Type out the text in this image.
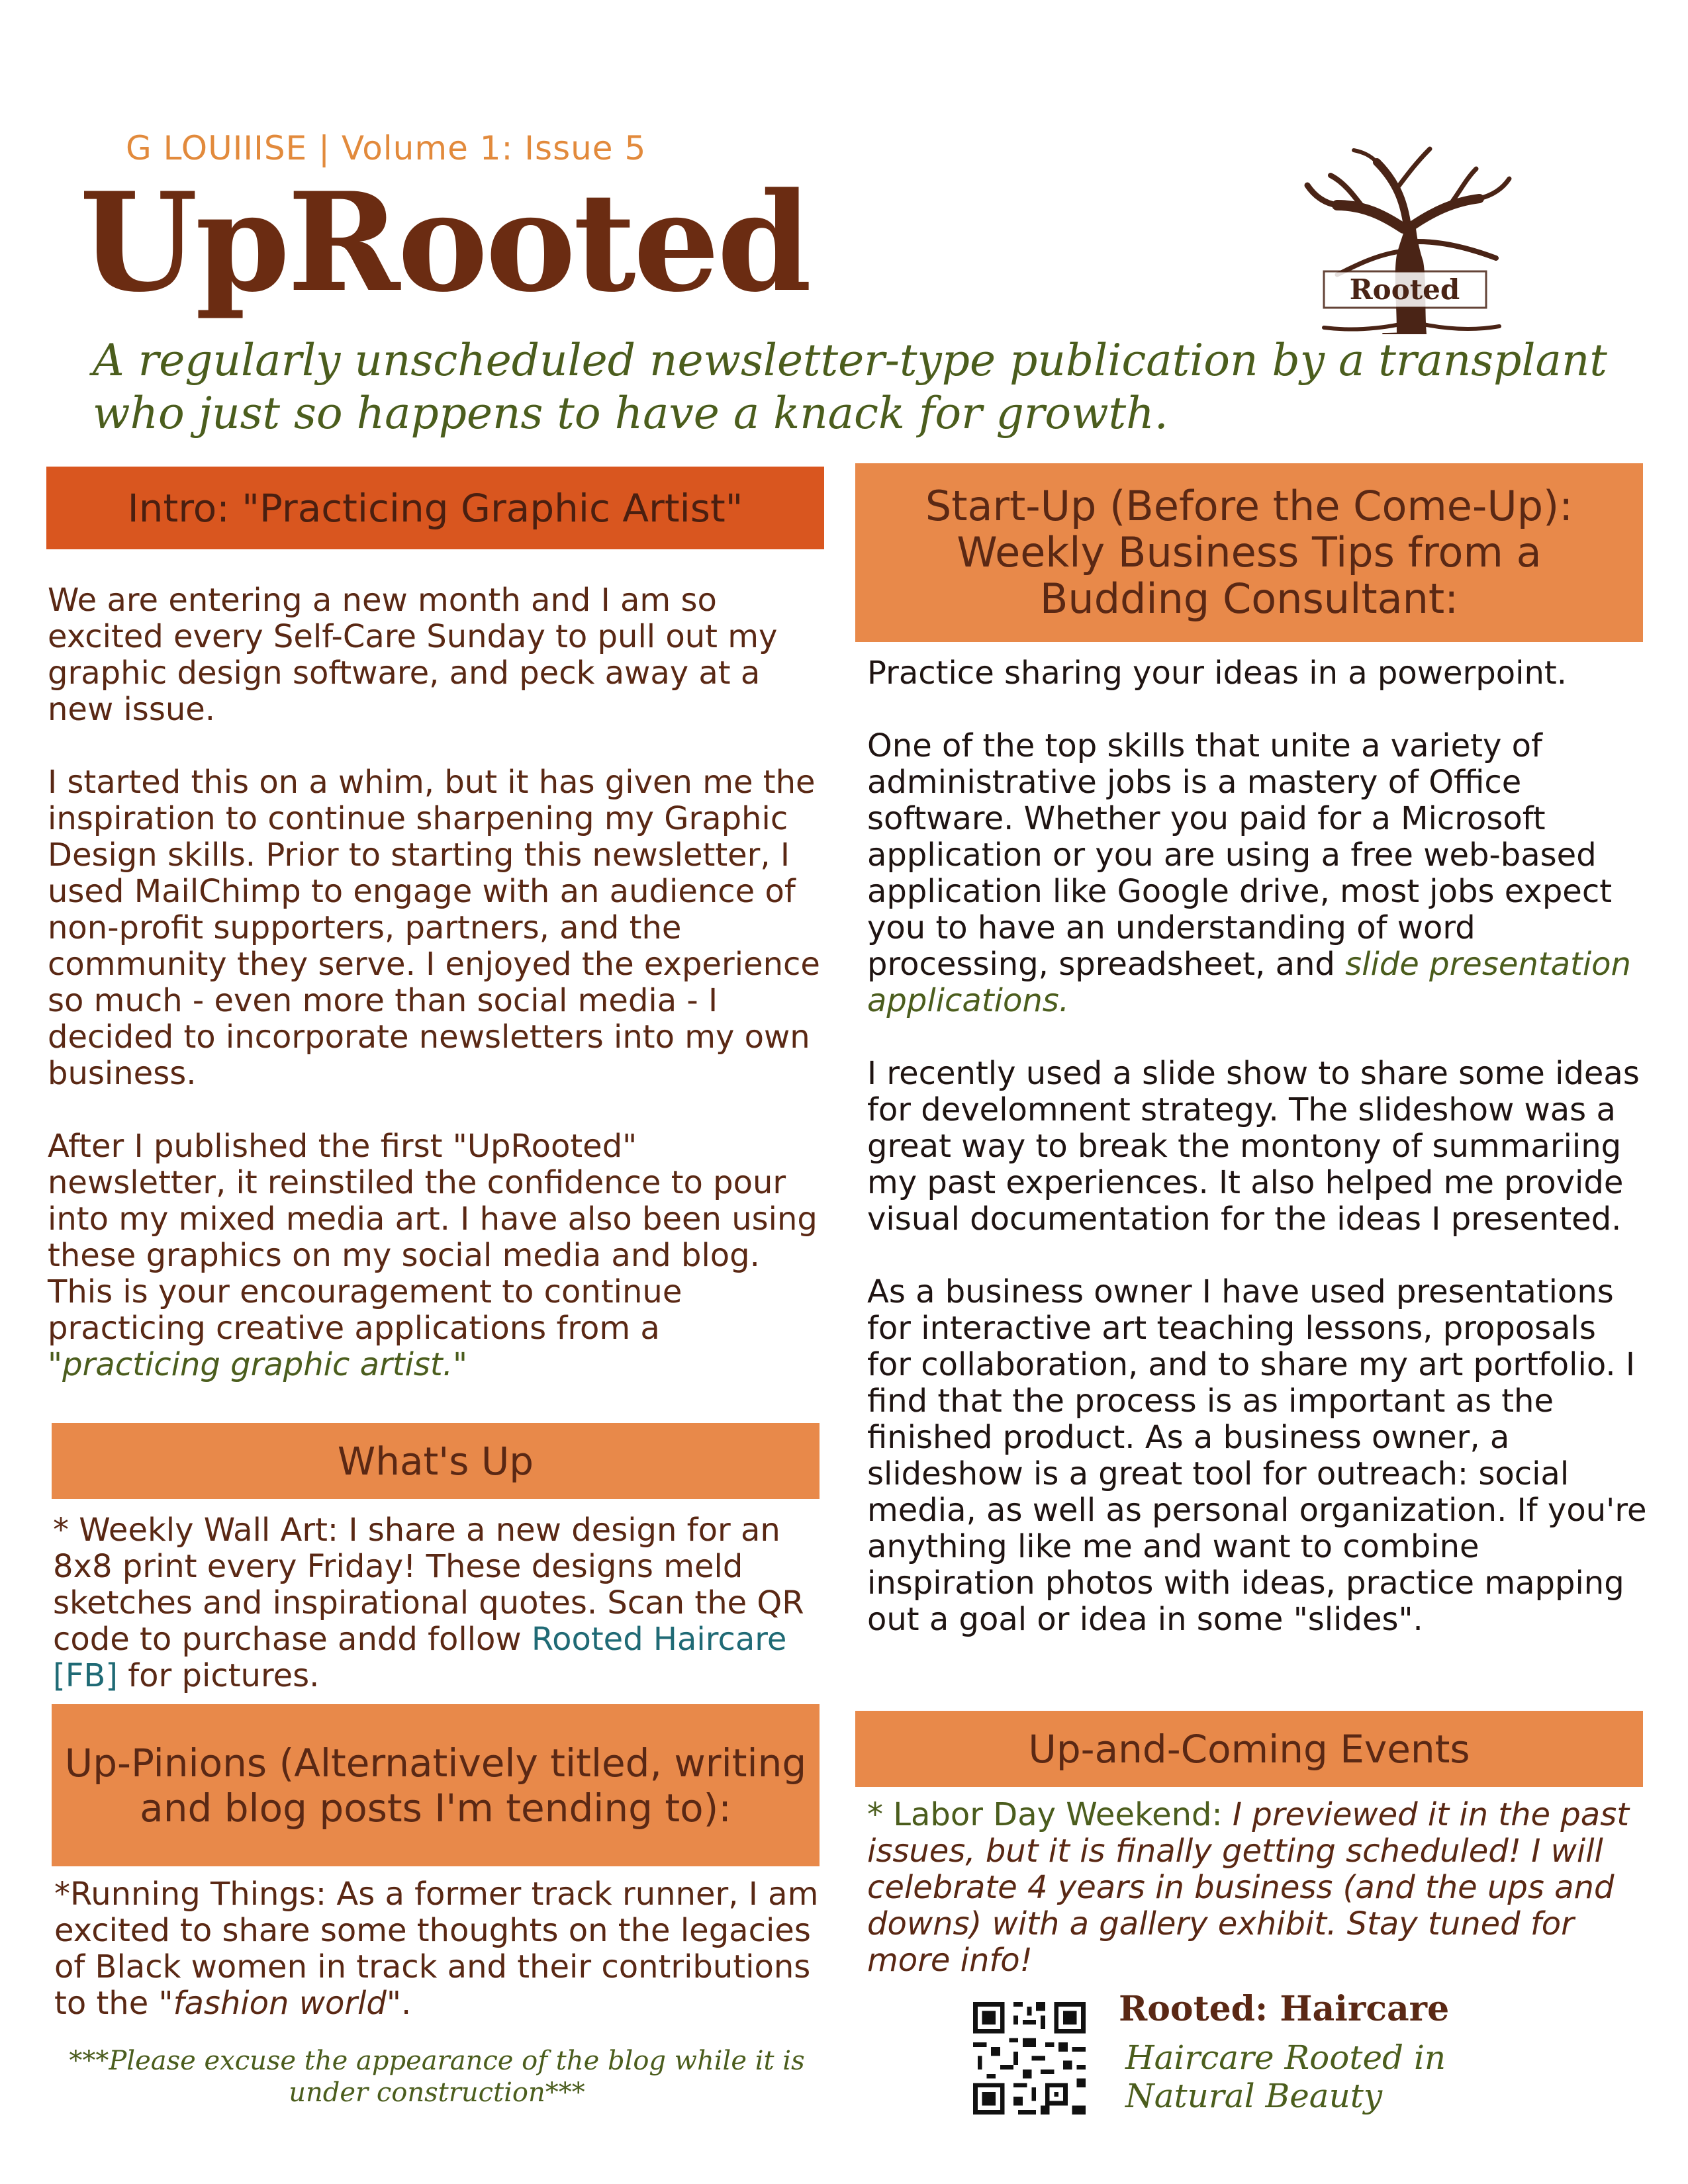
G LOUIIISE | Volume 1: Issue 5
UpRooted	Rooted
A regularly unscheduled newsletter-type publication by a transplant who just so happens to have a knack for growth.
Intro: "Practicing Graphic Artist"

We are entering a new month and I am so excited every Self-Care Sunday to pull out my graphic design software, and peck away at a new issue.

I started this on a whim, but it has given me the inspiration to continue sharpening my Graphic Design skills. Prior to starting this newsletter, I used MailChimp to engage with an audience of non-profit supporters, partners, and the community they serve. I enjoyed the experience so much - even more than social media - I decided to incorporate newsletters into my own business.

After I published the first "UpRooted" newsletter, it reinstiled the confidence to pour into my mixed media art. I have also been using these graphics on my social media and blog. This is your encouragement to continue practicing creative applications from a "practicing graphic artist."

What's Up
* Weekly Wall Art: I share a new design for an 8x8 print every Friday! These designs meld sketches and inspirational quotes. Scan the QR code to purchase andd follow Rooted Haircare [FB] for pictures.
Up-Pinions (Alternatively titled, writing and blog posts I'm tending to):
*Running Things: As a former track runner, I am excited to share some thoughts on the legacies of Black women in track and their contributions to the "fashion world".
***Please excuse the appearance of the blog while it is under construction***
Start-Up (Before the Come-Up): Weekly Business Tips from a Budding Consultant:

Practice sharing your ideas in a powerpoint.

One of the top skills that unite a variety of administrative jobs is a mastery of Office software. Whether you paid for a Microsoft application or you are using a free web-based application like Google drive, most jobs expect you to have an understanding of word processing, spreadsheet, and slide presentation applications.

I recently used a slide show to share some ideas for develomnent strategy. The slideshow was a great way to break the montony of summariing my past experiences. It also helped me provide visual documentation for the ideas I presented.

As a business owner I have used presentations for interactive art teaching lessons, proposals for collaboration, and to share my art portfolio. I find that the process is as important as the finished product. As a business owner, a slideshow is a great tool for outreach: social media, as well as personal organization. If you're anything like me and want to combine inspiration photos with ideas, practice mapping out a goal or idea in some "slides".

Up-and-Coming Events
* Labor Day Weekend: I previewed it in the past issues, but it is finally getting scheduled! I will celebrate 4 years in business (and the ups and downs) with a gallery exhibit. Stay tuned for more info!
Rooted: Haircare
Haircare Rooted in Natural Beauty
